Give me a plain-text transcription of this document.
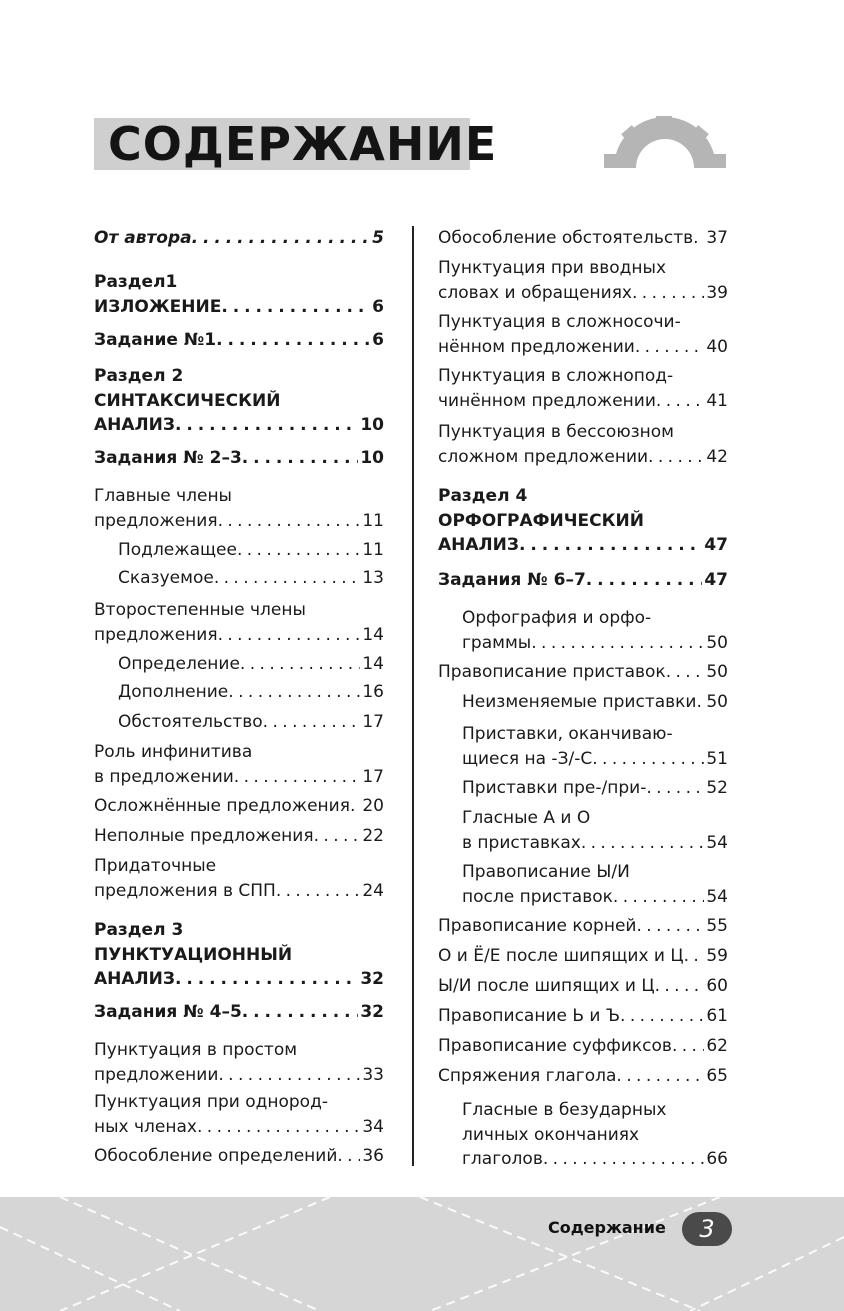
СОДЕРЖАНИЕ
От автора . . .	5
Раздел1
ИЗЛОЖЕНИЕ . . .	6
Задание №1 . . .	6
Раздел 2
СИНТАКСИЧЕСКИЙ
АНАЛИЗ . . .	10
Задания № 2–3 . . .	10
Главные члены
предложения . . .	11
Подлежащее . . .	11
Сказуемое . . .	13
Второстепенные члены
предложения . . .	14
Определение . . .	14
Дополнение . . .	16
Обстоятельство . . .	17
Роль инфинитива
в предложении . . .	17
Осложнённые предложения . . . 20
Неполные предложения . . .	22
Придаточные
предложения в СПП . . .	24
Раздел 3
ПУНКТУАЦИОННЫЙ
АНАЛИЗ . . .	32
Задания № 4–5 . . .	32
Пунктуация в простом
предложении . . .	33
Пунктуация при однород-
ных членах . . .	34
Обособление определений . . . 36
Обособление обстоятельств . . . 37
Пунктуация при вводных
словах и обращениях . . .	39
Пунктуация в сложносочи-
нённом предложении . . .	40
Пунктуация в сложнопод-
чинённом предложении . . .	41
Пунктуация в бессоюзном
сложном предложении . . .	42
Раздел 4
ОРФОГРАФИЧЕСКИЙ
АНАЛИЗ . . .	47
Задания № 6–7 . . .	47
Орфография и орфо-
граммы . . .	50
Правописание приставок . . . 50
Неизменяемые приставки . . . 50
Приставки, оканчиваю-
щиеся на -З/-С . . .	51
Приставки пре-/при- . . .	52
Гласные А и О
в приставках . . .	54
Правописание Ы/И
после приставок . . .	54
Правописание корней . . .	55
О и Ё/Е после шипящих и Ц . . . 59
Ы/И после шипящих и Ц . . .	60
Правописание Ь и Ъ . . .	61
Правописание суффиксов . . . 62
Спряжения глагола . . .	65
Гласные в безударных
личных окончаниях
глаголов . . .	66
Содержание	3
